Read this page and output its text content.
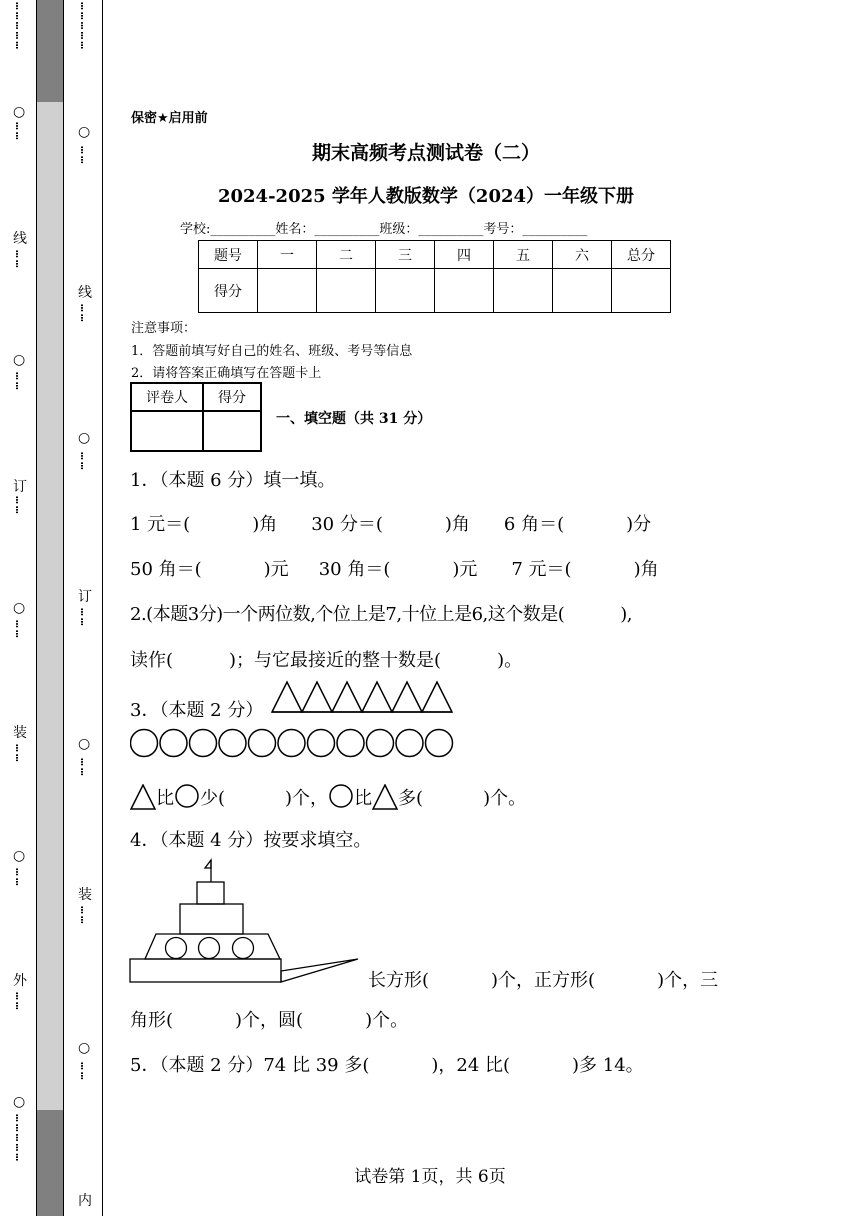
……………
○
……
线
……
○
……
订
……
○
……
装
……
○
……
外
……
○
……………
……………
○
……
线
……
○
……
订
……
○
……
装
……
○
……
内
保密★启用前
期末高频考点测试卷（二）
2024-2025 学年人教版数学（2024）一年级下册
学校:__________姓名：__________班级：__________考号：__________
题号	一	二	三	四	五	六	总分
得分							
注意事项：
1．答题前填写好自己的姓名、班级、考号等信息
2．请将答案正确填写在答题卡上
评卷人	得分

一、填空题（共 31 分）
1．（本题 6 分）填一填。
1 元＝(	)角 30 分＝(	)角 6 角＝(	)分
50 角＝(	)元 30 角＝(	)元 7 元＝(	)角
2.(本题3分)一个两位数,个位上是7,十位上是6,这个数是(	),
读作(	)；与它最接近的整十数是(	)。
3．（本题 2 分）
比 少(	)个， 比 多(	)个。
4．（本题 4 分）按要求填空。
长方形(	)个，正方形(	)个，三
角形(	)个，圆(	)个。
5．（本题 2 分）74 比 39 多(	)，24 比(	)多 14。
试卷第 1页，共 6页
